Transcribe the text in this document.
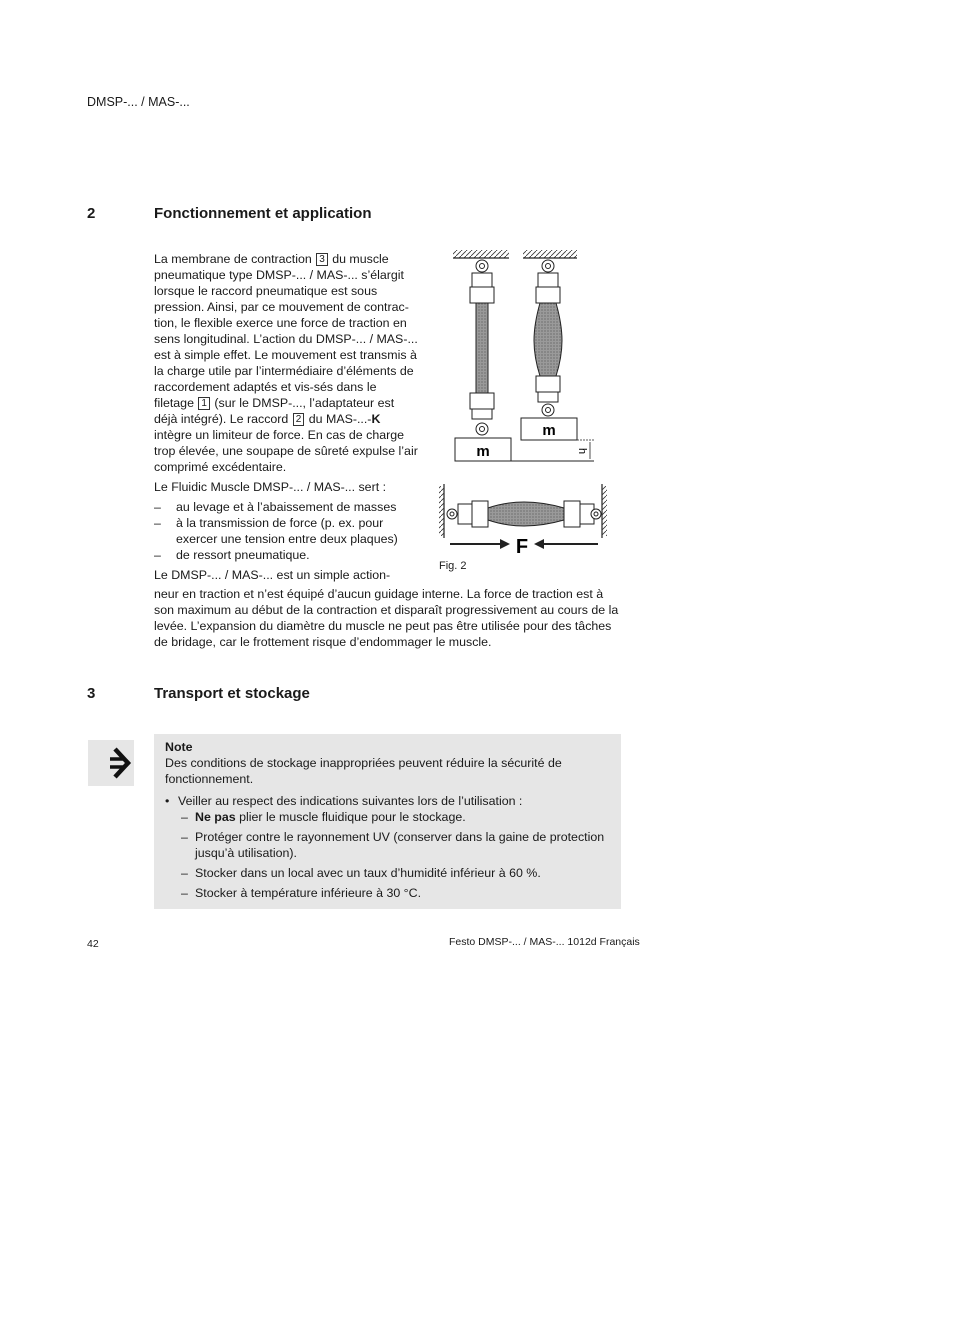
DMSP-... / MAS-...
2	Fonctionnement et application

La membrane de contraction 3 du muscle pneumatique type DMSP-... / MAS-... s’élargit lorsque le raccord pneumatique est sous pression. Ainsi, par ce mouvement de contrac-tion, le flexible exerce une force de traction en sens longitudinal. L’action du DMSP-... / MAS-... est à simple effet. Le mouvement est transmis à la charge utile par l’intermédiaire d’éléments de raccordement adaptés et vis-sés dans le filetage 1 (sur le DMSP-..., l’adaptateur est déjà intégré). Le raccord 2 du MAS-...-K intègre un limiteur de force. En cas de charge trop élevée, une soupape de sûreté expulse l’air comprimé excédentaire.

Le Fluidic Muscle DMSP-... / MAS-... sert :

– au levage et à l’abaissement de masses
– à la transmission de force (p. ex. pour exercer une tension entre deux plaques)
– de ressort pneumatique.
Le DMSP-... / MAS-... est un simple action-
neur en traction et n’est équipé d’aucun guidage interne. La force de traction est à son maximum au début de la contraction et disparaît progressivement au cours de la levée. L’expansion du diamètre du muscle ne peut pas être utilisée pour des tâches de bridage, car le frottement risque d’endommager le muscle.
m
m
h
F
Fig. 2
3	Transport et stockage
Note
Des conditions de stockage inappropriées peuvent réduire la sécurité de fonctionnement.
• Veiller au respect des indications suivantes lors de l’utilisation :
– Ne pas plier le muscle fluidique pour le stockage.
– Protéger contre le rayonnement UV (conserver dans la gaine de protection jusqu’à utilisation).
– Stocker dans un local avec un taux d’humidité inférieur à 60 %.
– Stocker à température inférieure à 30 °C.
42	Festo DMSP-... / MAS-... 1012d Français
